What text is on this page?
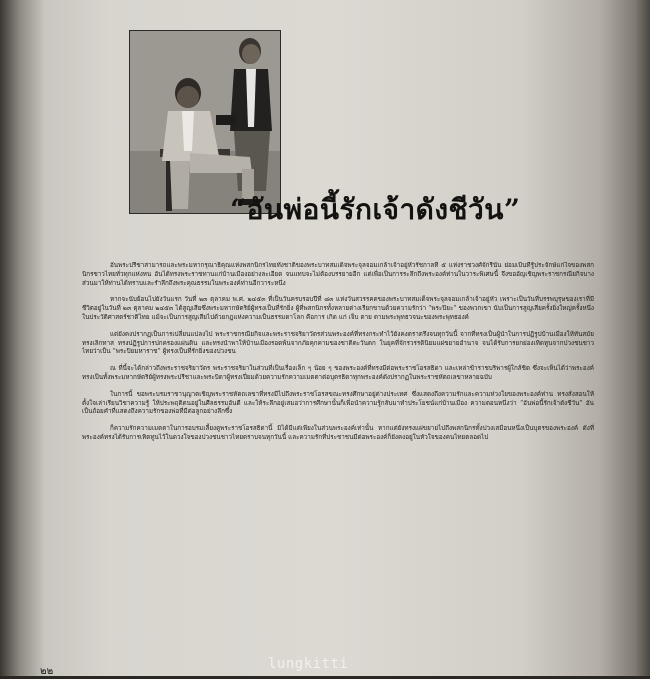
“อันพ่อนี้รักเจ้าดังชีวัน”

อันพระปรีชาสามารถและพระมหากรุณาธิคุณแห่งพสกนิกรไทยทั้งชาติของพระบาทสมเด็จพระจุลจอมเกล้าเจ้าอยู่หัวรัชกาลที่ ๕ แห่งราชวงศ์จักรีนั้น ย่อมเป็นที่รู้ประจักษ์แก่ใจของพสกนิกรชาวไทยทั่วทุกแห่งหน อันได้ทรงพระราชทานแก่บ้านเมืองอย่างละเอียด จนแทบจะไม่ต้องบรรยายอีก แต่เพื่อเป็นการระลึกถึงพระองค์ท่านในวาระพิเศษนี้ จึงขออัญเชิญพระราชกรณียกิจบางส่วนมาให้ท่านได้ทราบและรำลึกถึงพระคุณธรรมในพระองค์ท่านอีกวาระหนึ่ง

หากจะนับย้อนไปยังวันแรก วันที่ ๒๓ ตุลาคม พ.ศ. ๒๔๕๓ ที่เป็นวันครบรอบปีที่ ๘๓ แห่งวันสวรรคตของพระบาทสมเด็จพระจุลจอมเกล้าเจ้าอยู่หัว เพราะเป็นวันที่บรรพบุรุษของเราที่มีชีวิตอยู่ในวันที่ ๒๓ ตุลาคม ๒๔๕๓ ได้สูญเสียซึ่งพระมหากษัตริย์ผู้ทรงเป็นที่รักยิ่ง ผู้ที่พสกนิกรทั้งหลายต่างเรียกขานด้วยความรักว่า “พระปิยะ” ของพวกเขา นับเป็นการสูญเสียครั้งยิ่งใหญ่ครั้งหนึ่งในประวัติศาสตร์ชาติไทย แม้จะเป็นการสูญเสียไปด้วยกฎแห่งความเป็นธรรมดาโลก คือการ เกิด แก่ เจ็บ ตาย ตามพระพุทธวจนะของพระพุทธองค์

แต่ยังคงปรากฏเป็นการเปลี่ยนแปลงไป พระราชกรณียกิจและพระราชจริยาวัตรส่วนพระองค์ที่ทรงกระทำไว้ยังคงตราตรึงจนทุกวันนี้ จากที่ทรงเป็นผู้นำในการปฏิรูปบ้านเมืองให้ทันสมัย ทรงเลิกทาส ทรงปฏิรูปการปกครองแผ่นดิน และทรงนำพาให้บ้านเมืองรอดพ้นจากภัยคุกคามของชาติตะวันตก ในยุคที่จักรวรรดินิยมแผ่ขยายอำนาจ จนได้รับการยกย่องเทิดทูนจากปวงชนชาวไทยว่าเป็น “พระปิยมหาราช” ผู้ทรงเป็นที่รักยิ่งของปวงชน

ณ ที่นี้จะได้กล่าวถึงพระราชจริยาวัตร พระราชจริยาในส่วนที่เป็นเรื่องเล็ก ๆ น้อย ๆ ของพระองค์ที่ทรงมีต่อพระราชโอรสธิดา และเหล่าข้าราชบริพารผู้ใกล้ชิด ซึ่งจะเห็นได้ว่าพระองค์ทรงเป็นทั้งพระมหากษัตริย์ผู้ทรงพระปรีชาและพระบิดาผู้ทรงเปี่ยมด้วยความรักความเมตตาต่อบุตรธิดาทุกพระองค์ดังปรากฏในพระราชหัตถเลขาหลายฉบับ

ในการนี้ ขอพระบรมราชานุญาตเชิญพระราชหัตถเลขาที่ทรงมีไปถึงพระราชโอรสขณะทรงศึกษาอยู่ต่างประเทศ ซึ่งแสดงถึงความรักและความห่วงใยของพระองค์ท่าน ทรงสั่งสอนให้ตั้งใจเล่าเรียนวิชาความรู้ ให้ประพฤติตนอยู่ในศีลธรรมอันดี และให้ระลึกอยู่เสมอว่าการศึกษานั้นก็เพื่อนำความรู้กลับมาทำประโยชน์แก่บ้านเมือง ความตอนหนึ่งว่า “อันพ่อนี้รักเจ้าดังชีวัน” อันเป็นถ้อยคำที่แสดงถึงความรักของพ่อที่มีต่อลูกอย่างลึกซึ้ง

ก็ความรักความเมตตาในการอบรมเลี้ยงดูพระราชโอรสธิดานี้ มิได้มีแต่เพียงในส่วนพระองค์เท่านั้น หากแต่ยังทรงแผ่ขยายไปถึงพสกนิกรทั้งปวงเสมือนหนึ่งเป็นบุตรของพระองค์ ดังที่พระองค์ทรงได้รับการเทิดทูนไว้ในดวงใจของปวงชนชาวไทยตราบจนทุกวันนี้ และความรักที่ประชาชนมีต่อพระองค์ก็ยังคงอยู่ในหัวใจของคนไทยตลอดไป

๒๒	lungkitti
